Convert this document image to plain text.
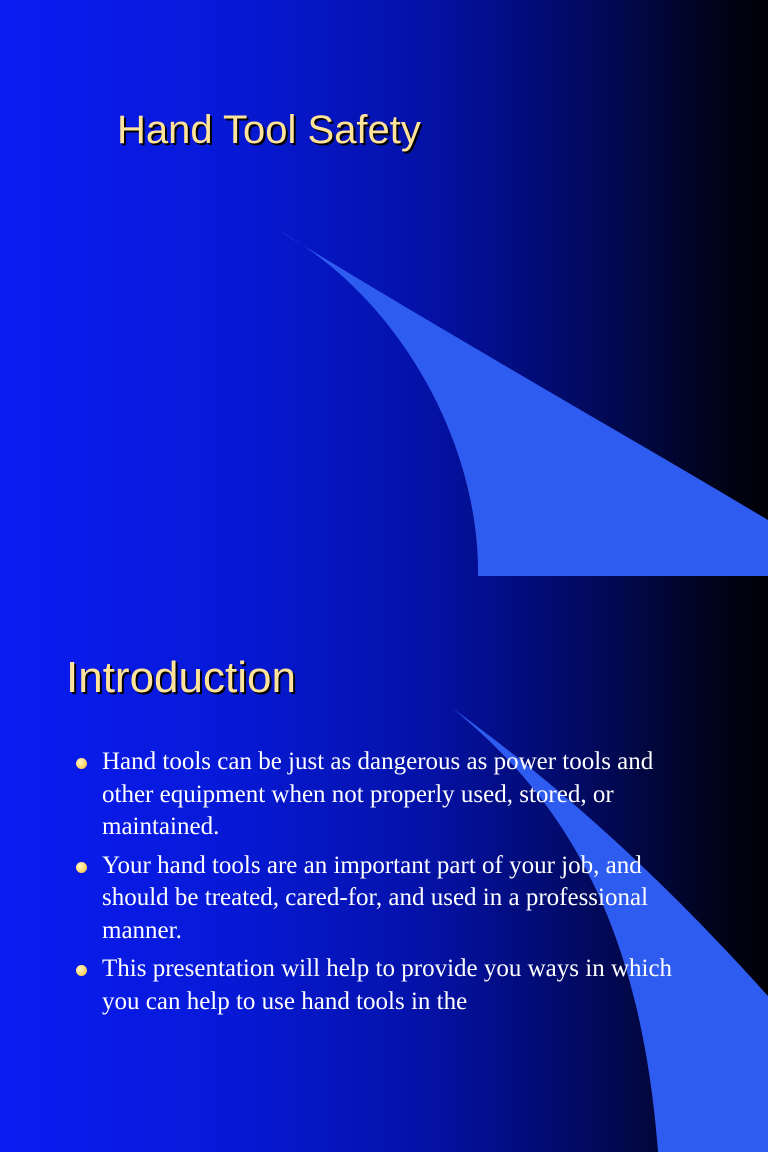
Hand Tool Safety
Introduction
Hand tools can be just as dangerous as power tools and other equipment when not properly used, stored, or maintained.
Your hand tools are an important part of your job, and should be treated, cared-for, and used in a professional manner.
This presentation will help to provide you ways in which you can help to use hand tools in the
